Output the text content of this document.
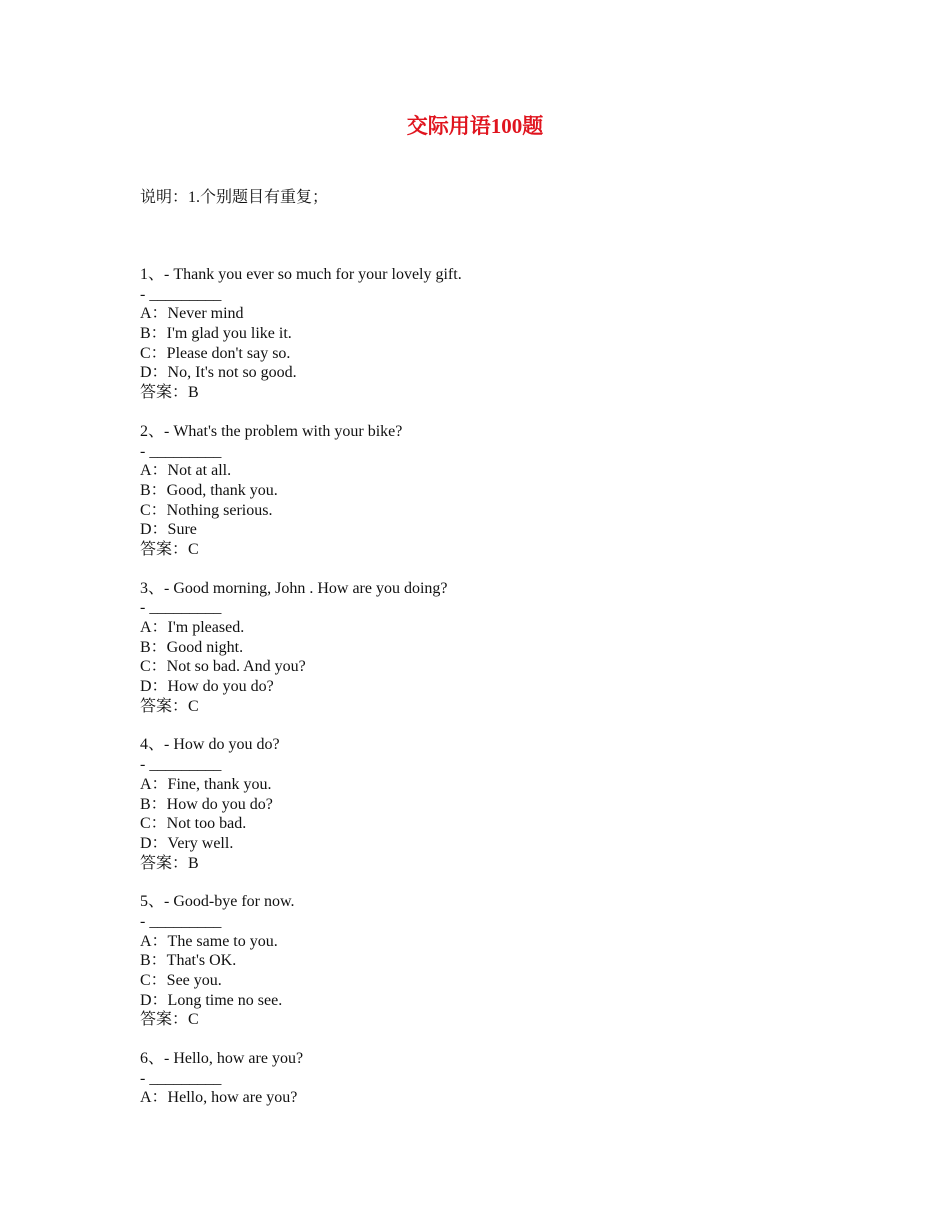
交际用语100题
说明：1.个别题目有重复；
1、- Thank you ever so much for your lovely gift.
- _________
A：Never mind
B：I'm glad you like it.
C：Please don't say so.
D：No, It's not so good.
答案：B
2、- What's the problem with your bike?
- _________
A：Not at all.
B：Good, thank you.
C：Nothing serious.
D：Sure
答案：C
3、- Good morning, John . How are you doing?
- _________
A：I'm pleased.
B：Good night.
C：Not so bad. And you?
D：How do you do?
答案：C
4、- How do you do?
- _________
A：Fine, thank you.
B：How do you do?
C：Not too bad.
D：Very well.
答案：B
5、- Good-bye for now.
- _________
A：The same to you.
B：That's OK.
C：See you.
D：Long time no see.
答案：C
6、- Hello, how are you?
- _________
A：Hello, how are you?
